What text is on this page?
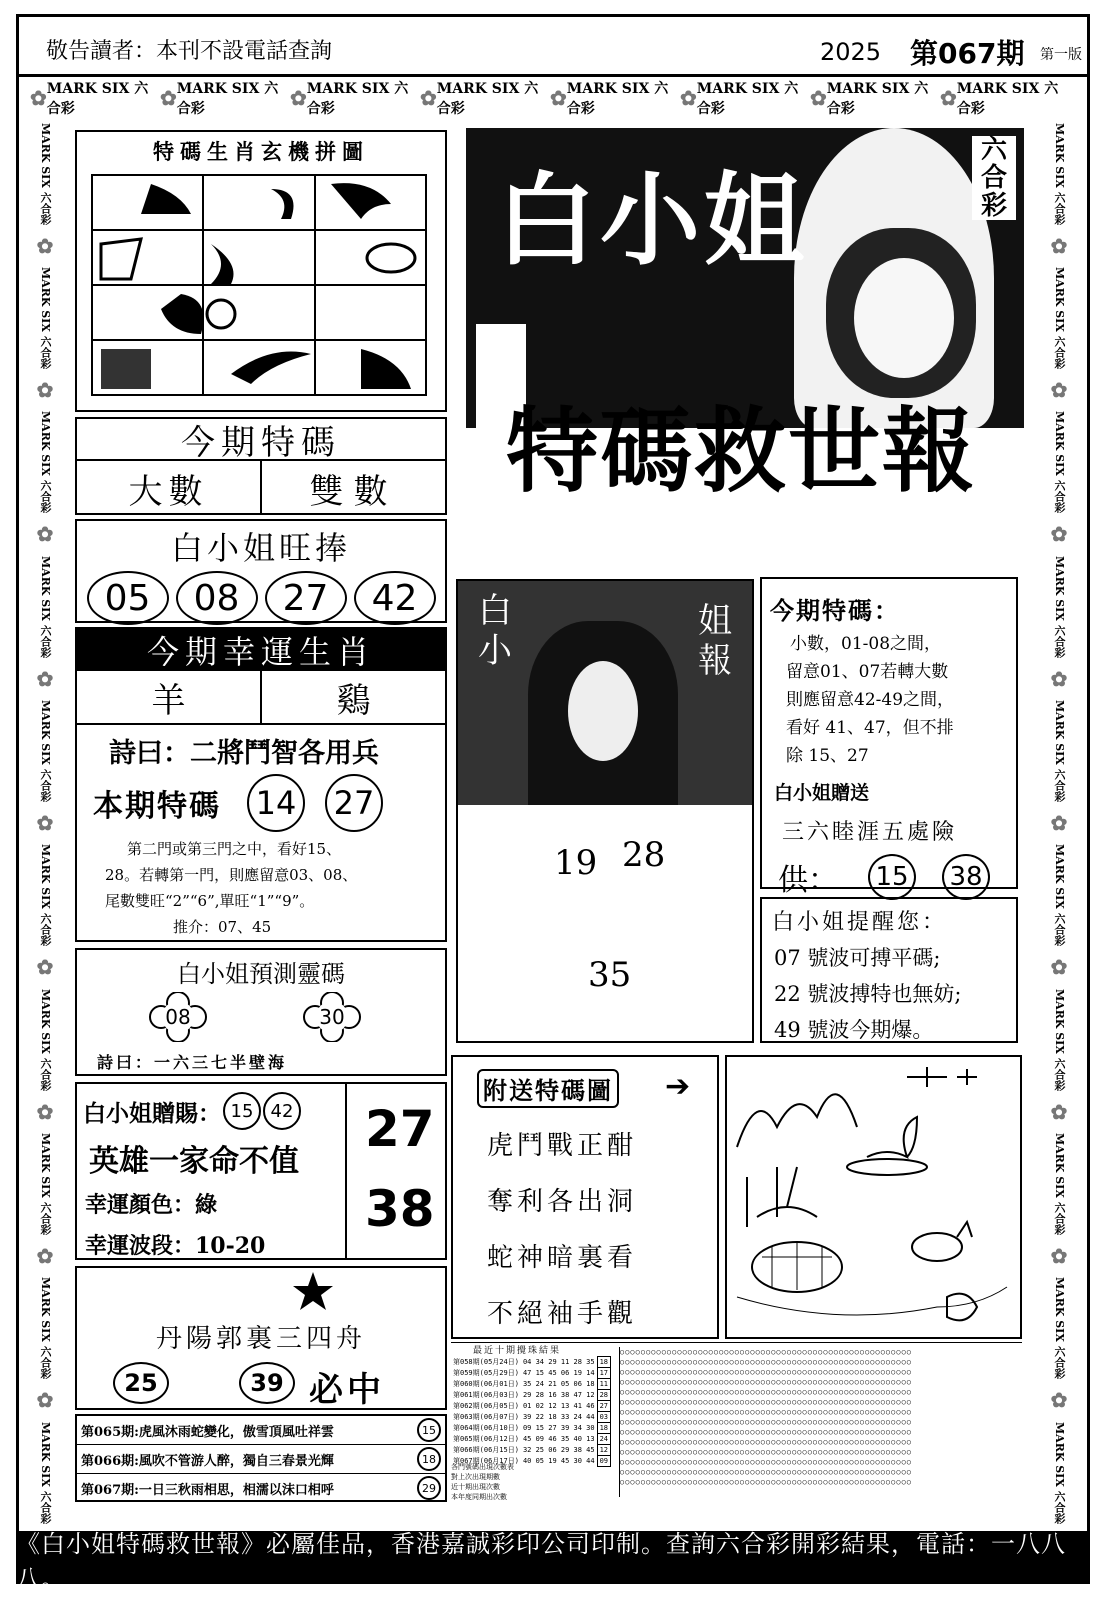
敬告讀者：本刊不設電話查詢	2025 第067期 第一版
✿ MARK SIX 六合彩	✿ MARK SIX 六合彩	✿ MARK SIX 六合彩	✿ MARK SIX 六合彩	✿ MARK SIX 六合彩	✿ MARK SIX 六合彩	✿ MARK SIX 六合彩	✿ MARK SIX 六合彩
MARK SIX 六合彩
✿
MARK SIX 六合彩
✿
MARK SIX 六合彩
✿
MARK SIX 六合彩
✿
MARK SIX 六合彩
✿
MARK SIX 六合彩
✿
MARK SIX 六合彩
✿
MARK SIX 六合彩
✿
MARK SIX 六合彩
✿
MARK SIX 六合彩
MARK SIX 六合彩
✿
MARK SIX 六合彩
✿
MARK SIX 六合彩
✿
MARK SIX 六合彩
✿
MARK SIX 六合彩
✿
MARK SIX 六合彩
✿
MARK SIX 六合彩
✿
MARK SIX 六合彩
✿
MARK SIX 六合彩
✿
MARK SIX 六合彩
特碼生肖玄機拼圖
今期特碼
大數	雙數
白小姐旺捧
05	08	27	42
今期幸運生肖
羊	鷄
詩曰：二將鬥智各用兵
本期特碼 14 27
第二門或第三門之中，看好15、
28。若轉第一門，則應留意03、08、
尾數雙旺“2”“6”,單旺“1”“9”。
推介：07、45
白小姐預測靈碼
08	30
詩曰：一六三七半壁海
白小姐贈賜： 15 42
英雄一家命不值
幸運顏色：綠
幸運波段：10-20
27
38
丹陽郭裏三四舟
25	39 必中
第065期:虎風沐雨蛇變化，傲雪頂風吐祥雲	15
第066期:風吹不管游人醉，獨自三春景光輝	18
第067期:一日三秋雨相思，相濡以沫口相呼	29
白小姐
六合彩
特碼救世報
白
小
姐
報
19 28
35
今期特碼：
小數，01-08之間，
留意01、07若轉大數
則應留意42-49之間，
看好 41、47，但不排
除 15、27
白小姐贈送
三六睦涯五處險
供： 15 38
白小姐提醒您：
07 號波可搏平碼;
22 號波搏特也無妨;
49 號波今期爆。
附送特碼圖 ➔
虎鬥戰正酣
奪利各出洞
蛇神暗裏看
不絕袖手觀
最近十期攪珠結果
第058期(05月24日)	04 34 29 11 28 35	18
第059期(05月29日)	47 15 45 06 19 14	17
第060期(06月01日)	35 24 21 05 06 18	11
第061期(06月03日)	29 28 16 38 47 12	28
第062期(06月05日)	01 02 12 13 41 46	27
第063期(06月07日)	39 22 18 33 24 44	03
第064期(06月10日)	09 15 27 39 34 30	18
第065期(06月12日)	45 09 46 35 40 13	24
第066期(06月15日)	32 25 06 29 38 45	12
第067期(06月17日)	40 05 19 45 30 44	09
各門號碼出現次數表
對上次出現期數
近十期出現次數
本年度同期出次數
○○○○○○○○○○○○○○○○○○○○○○○○○○○○○○○○○○○○○○○○○○○○○○○○○○○○○○○○
○○○○○○○○○○○○○○○○○○○○○○○○○○○○○○○○○○○○○○○○○○○○○○○○○○○○○○○○
○○○○○○○○○○○○○○○○○○○○○○○○○○○○○○○○○○○○○○○○○○○○○○○○○○○○○○○○
○○○○○○○○○○○○○○○○○○○○○○○○○○○○○○○○○○○○○○○○○○○○○○○○○○○○○○○○
○○○○○○○○○○○○○○○○○○○○○○○○○○○○○○○○○○○○○○○○○○○○○○○○○○○○○○○○
○○○○○○○○○○○○○○○○○○○○○○○○○○○○○○○○○○○○○○○○○○○○○○○○○○○○○○○○
○○○○○○○○○○○○○○○○○○○○○○○○○○○○○○○○○○○○○○○○○○○○○○○○○○○○○○○○
○○○○○○○○○○○○○○○○○○○○○○○○○○○○○○○○○○○○○○○○○○○○○○○○○○○○○○○○
○○○○○○○○○○○○○○○○○○○○○○○○○○○○○○○○○○○○○○○○○○○○○○○○○○○○○○○○
○○○○○○○○○○○○○○○○○○○○○○○○○○○○○○○○○○○○○○○○○○○○○○○○○○○○○○○○
○○○○○○○○○○○○○○○○○○○○○○○○○○○○○○○○○○○○○○○○○○○○○○○○○○○○○○○○
○○○○○○○○○○○○○○○○○○○○○○○○○○○○○○○○○○○○○○○○○○○○○○○○○○○○○○○○
○○○○○○○○○○○○○○○○○○○○○○○○○○○○○○○○○○○○○○○○○○○○○○○○○○○○○○○○
○○○○○○○○○○○○○○○○○○○○○○○○○○○○○○○○○○○○○○○○○○○○○○○○○○○○○○○○

《白小姐特碼救世報》必屬佳品，香港嘉誠彩印公司印制。查詢六合彩開彩結果，電話：一八八八。
